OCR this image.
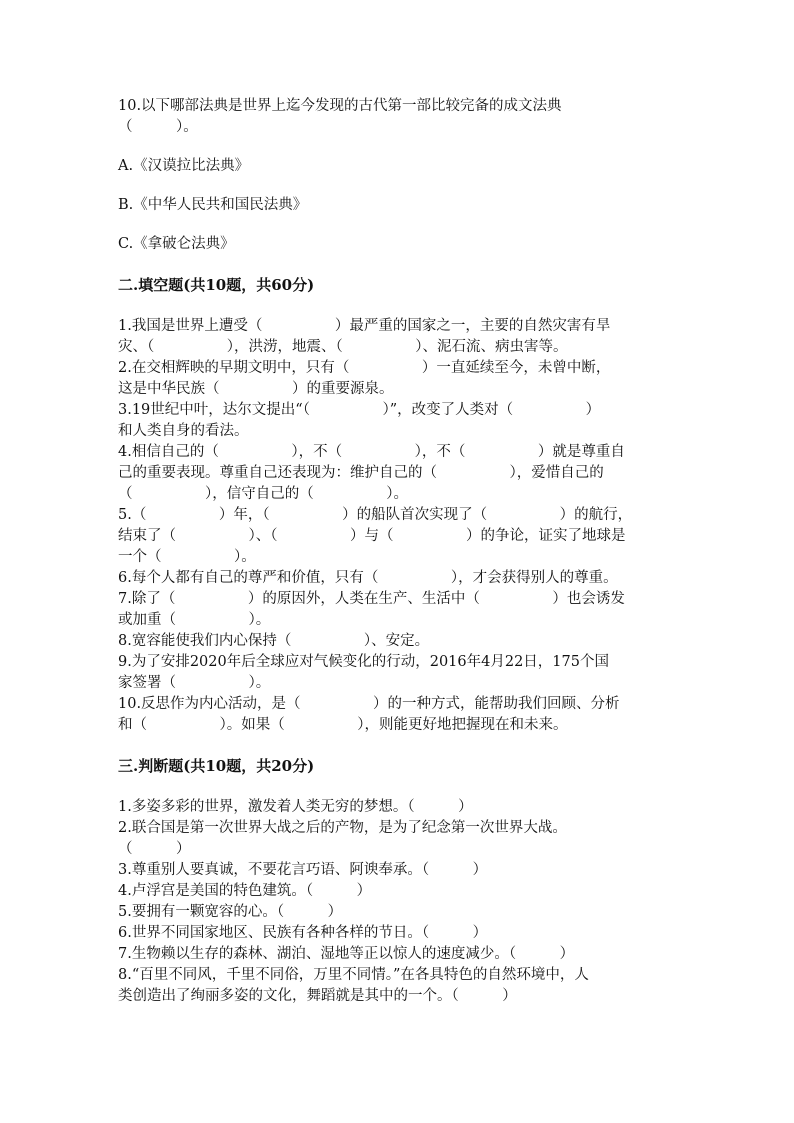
10.以下哪部法典是世界上迄今发现的古代第一部比较完备的成文法典

（　　　）。

A.《汉谟拉比法典》

B.《中华人民共和国民法典》

C.《拿破仑法典》

二.填空题(共10题，共60分)

1.我国是世界上遭受（　　　　　）最严重的国家之一，主要的自然灾害有旱

灾、（　　　　　），洪涝，地震、（　　　　　）、泥石流、病虫害等。

2.在交相辉映的早期文明中，只有（　　　　　）一直延续至今，未曾中断，

这是中华民族（　　　　　）的重要源泉。

3.19世纪中叶，达尔文提出“（　　　　　）”，改变了人类对（　　　　　）

和人类自身的看法。

4.相信自己的（　　　　　），不（　　　　　），不（　　　　　）就是尊重自

己的重要表现。尊重自己还表现为：维护自己的（　　　　　），爱惜自己的

（　　　　　），信守自己的（　　　　　）。

5.（　　　　　）年，（　　　　　）的船队首次实现了（　　　　　）的航行，

结束了（　　　　　）、（　　　　　）与（　　　　　）的争论，证实了地球是

一个（　　　　　）。

6.每个人都有自己的尊严和价值，只有（　　　　　），才会获得别人的尊重。

7.除了（　　　　　）的原因外，人类在生产、生活中（　　　　　）也会诱发

或加重（　　　　　）。

8.宽容能使我们内心保持（　　　　　）、安定。

9.为了安排2020年后全球应对气候变化的行动，2016年4月22日，175个国

家签署（　　　　　）。

10.反思作为内心活动，是（　　　　　）的一种方式，能帮助我们回顾、分析

和（　　　　　）。如果（　　　　　），则能更好地把握现在和未来。

三.判断题(共10题，共20分)

1.多姿多彩的世界，激发着人类无穷的梦想。（　　　）

2.联合国是第一次世界大战之后的产物，是为了纪念第一次世界大战。

（　　　）

3.尊重别人要真诚，不要花言巧语、阿谀奉承。（　　　）

4.卢浮宫是美国的特色建筑。（　　　）

5.要拥有一颗宽容的心。（　　　）

6.世界不同国家地区、民族有各种各样的节日。（　　　）

7.生物赖以生存的森林、湖泊、湿地等正以惊人的速度减少。（　　　）

8.“百里不同风，千里不同俗，万里不同情。”在各具特色的自然环境中，人

类创造出了绚丽多姿的文化，舞蹈就是其中的一个。（　　　）
